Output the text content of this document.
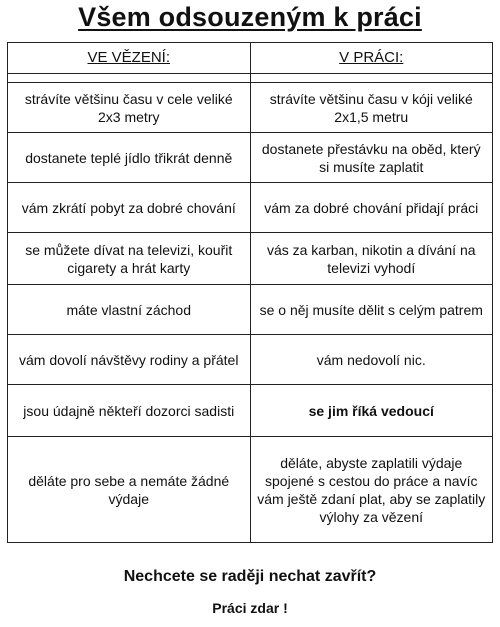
Všem odsouzeným k práci
VE VĚZENÍ:	V PRÁCI:

strávíte většinu času v cele veliké 2x3 metry	strávíte většinu času v kóji veliké 2x1,5 metru
dostanete teplé jídlo třikrát denně	dostanete přestávku na oběd, který si musíte zaplatit
vám zkrátí pobyt za dobré chování	vám za dobré chování přidají práci
se můžete dívat na televizi, kouřit cigarety a hrát karty	vás za karban, nikotin a dívání na televizi vyhodí
máte vlastní záchod	se o něj musíte dělit s celým patrem
vám dovolí návštěvy rodiny a přátel	vám nedovolí nic.
jsou údajně někteří dozorci sadisti	se jim říká vedoucí
děláte pro sebe a nemáte žádné výdaje	děláte, abyste zaplatili výdaje spojené s cestou do práce a navíc vám ještě zdaní plat, aby se zaplatily výlohy za vězení
Nechcete se raději nechat zavřít?
Práci zdar !
